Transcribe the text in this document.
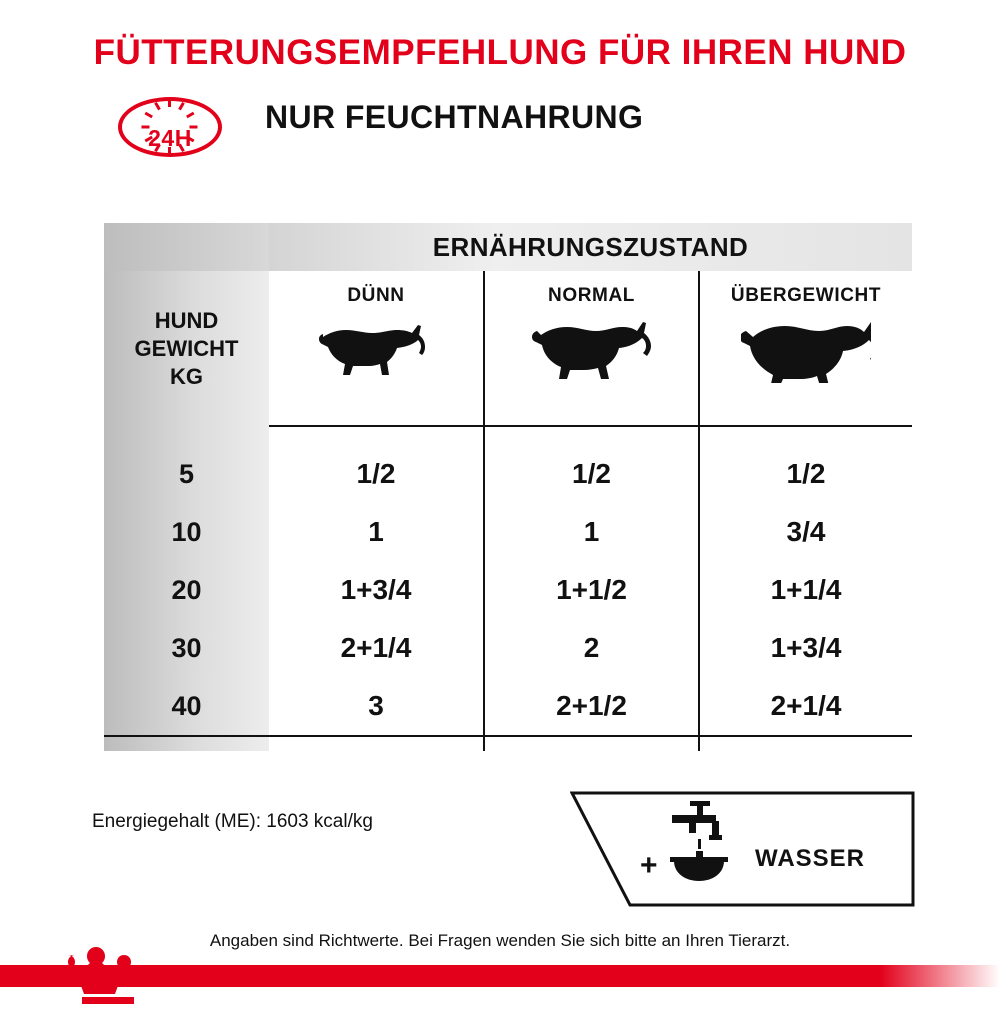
FÜTTERUNGSEMPFEHLUNG FÜR IHREN HUND
24H
NUR FEUCHTNAHRUNG
	ERNÄHRUNGSZUSTAND		

HUND
GEWICHT
KG	DÜNN	NORMAL	ÜBERGEWICHT

5	1/2	1/2	1/2
10	1	1	3/4
20	1+3/4	1+1/2	1+1/4
30	2+1/4	2	1+3/4
40	3	2+1/2	2+1/4

Energiegehalt (ME): 1603 kcal/kg
+	WASSER
Angaben sind Richtwerte. Bei Fragen wenden Sie sich bitte an Ihren Tierarzt.
